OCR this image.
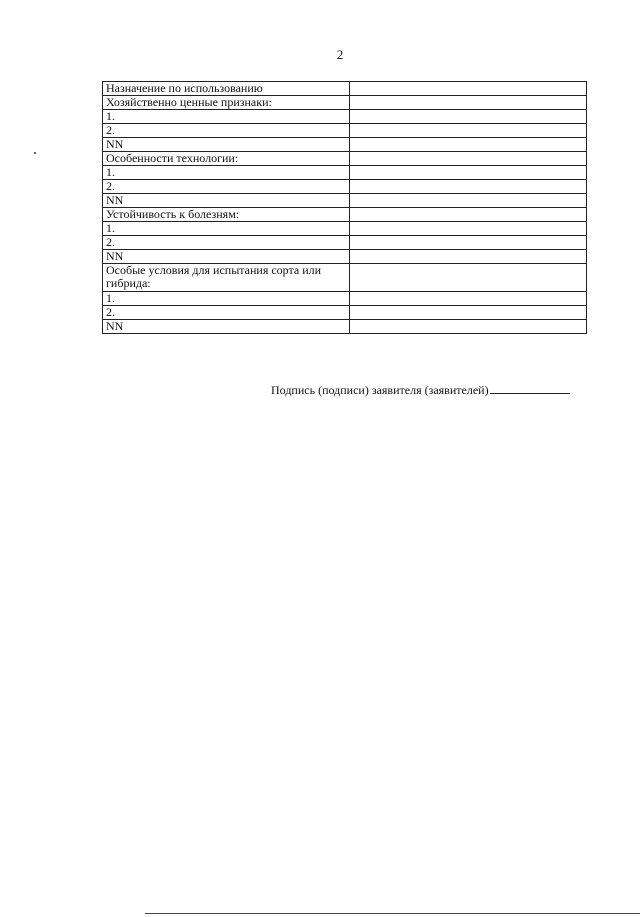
2
Назначение по использованию	
Хозяйственно ценные признаки:	
1.	
2.	
NN	
Особенности технологии:	
1.	
2.	
NN	
Устойчивость к болезням:	
1.	
2.	
NN	
Особые условия для испытания сорта или гибрида:	
1.	
2.	
NN	
Подпись (подписи) заявителя (заявителей)
